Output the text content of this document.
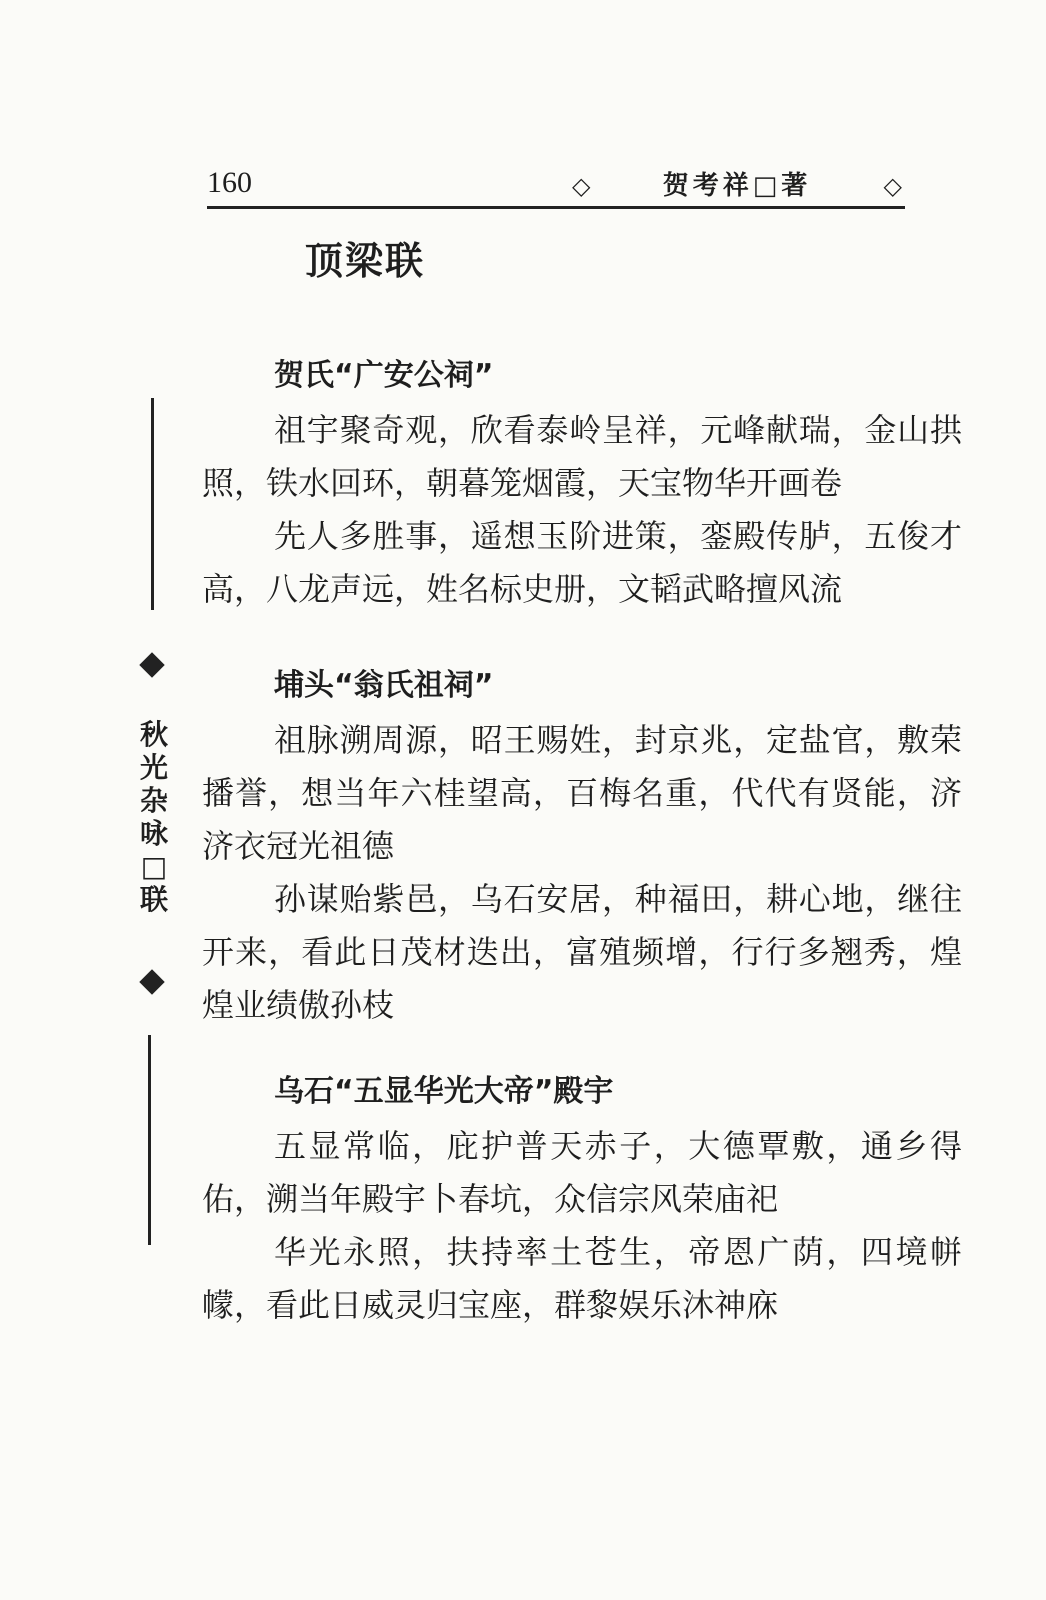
160	◇	贺考祥□著	◇
顶梁联
秋
光
杂
咏
□
联
贺氏“广安公祠”

祖宇聚奇观，欣看泰岭呈祥，元峰献瑞，金山拱照，铁水回环，朝暮笼烟霞，天宝物华开画卷

先人多胜事，遥想玉阶进策，銮殿传胪，五俊才高，八龙声远，姓名标史册，文韬武略擅风流

埔头“翁氏祖祠”

祖脉溯周源，昭王赐姓，封京兆，定盐官，敷荣播誉，想当年六桂望高，百梅名重，代代有贤能，济济衣冠光祖德

孙谋贻紫邑，乌石安居，种福田，耕心地，继往开来，看此日茂材迭出，富殖频增，行行多翘秀，煌煌业绩傲孙枝

乌石“五显华光大帝”殿宇

五显常临，庇护普天赤子，大德覃敷，通乡得佑，溯当年殿宇卜春坑，众信宗风荣庙祀

华光永照，扶持率土苍生，帝恩广荫，四境帡幪，看此日威灵归宝座，群黎娱乐沐神庥
